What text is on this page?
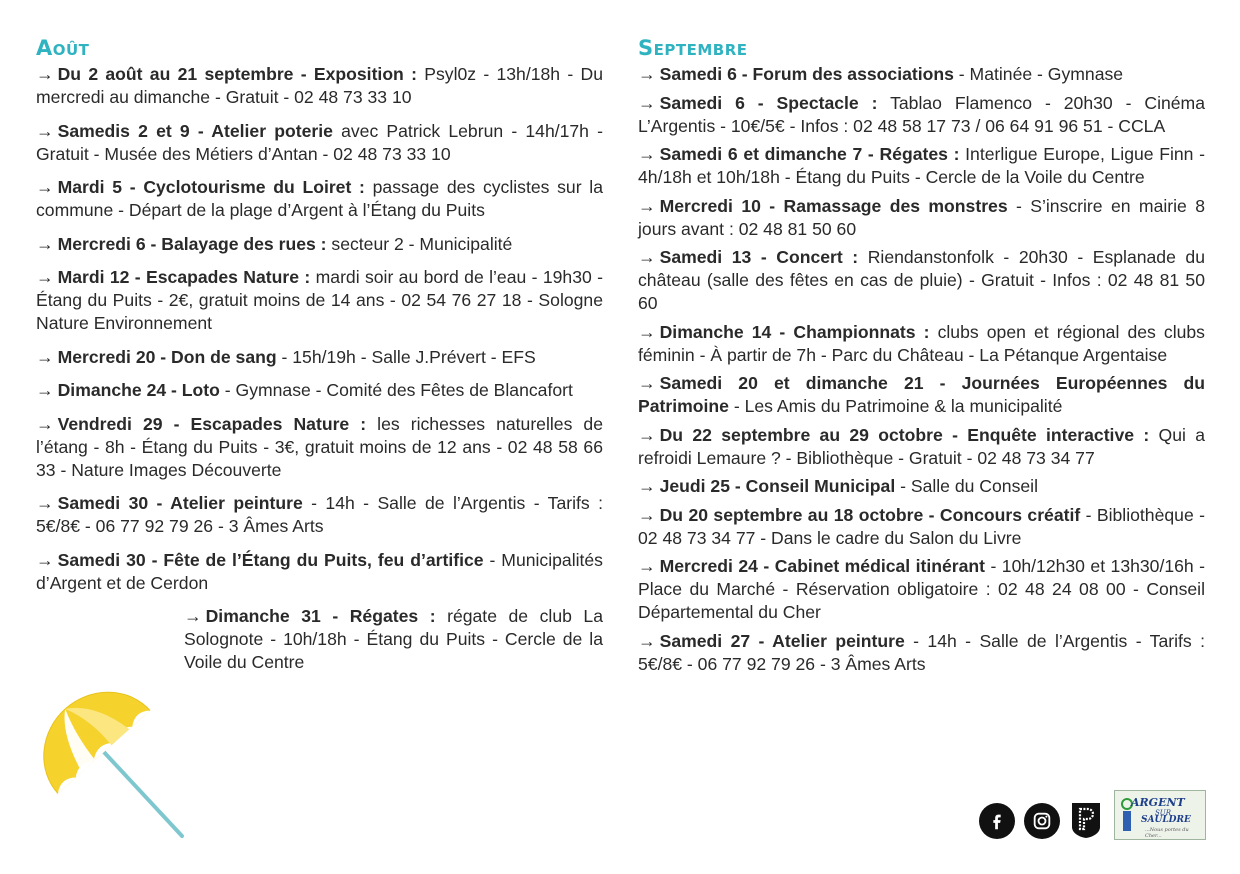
Août

→ Du 2 août au 21 septembre - Exposition : Psyl0z - 13h/18h - Du mercredi au dimanche - Gratuit - 02 48 73 33 10

→ Samedis 2 et 9 - Atelier poterie avec Patrick Lebrun - 14h/17h - Gratuit - Musée des Métiers d’Antan - 02 48 73 33 10

→ Mardi 5 - Cyclotourisme du Loiret : passage des cyclistes sur la commune - Départ de la plage d’Argent à l’Étang du Puits

→ Mercredi 6 - Balayage des rues : secteur 2 - Municipalité

→ Mardi 12 - Escapades Nature : mardi soir au bord de l’eau - 19h30 - Étang du Puits - 2€, gratuit moins de 14 ans - 02 54 76 27 18 - Sologne Nature Environnement

→ Mercredi 20 - Don de sang - 15h/19h - Salle J.Prévert - EFS

→ Dimanche 24 - Loto - Gymnase - Comité des Fêtes de Blancafort

→ Vendredi 29 - Escapades Nature : les richesses naturelles de l’étang - 8h - Étang du Puits - 3€, gratuit moins de 12 ans - 02 48 58 66 33 - Nature Images Découverte

→ Samedi 30 - Atelier peinture - 14h - Salle de l’Argentis - Tarifs : 5€/8€ - 06 77 92 79 26 - 3 Âmes Arts

→ Samedi 30 - Fête de l’Étang du Puits, feu d’artifice - Municipalités d’Argent et de Cerdon

→ Dimanche 31 - Régates : régate de club La Solognote - 10h/18h - Étang du Puits - Cercle de la Voile du Centre

Septembre

→ Samedi 6 - Forum des associations - Matinée - Gymnase

→ Samedi 6 - Spectacle : Tablao Flamenco - 20h30 - Cinéma L’Argentis - 10€/5€ - Infos : 02 48 58 17 73 / 06 64 91 96 51 - CCLA

→ Samedi 6 et dimanche 7 - Régates : Interligue Europe, Ligue Finn - 4h/18h et 10h/18h - Étang du Puits - Cercle de la Voile du Centre

→ Mercredi 10 - Ramassage des monstres - S’inscrire en mairie 8 jours avant : 02 48 81 50 60

→ Samedi 13 - Concert : Riendanstonfolk - 20h30 - Esplanade du château (salle des fêtes en cas de pluie) - Gratuit - Infos : 02 48 81 50 60

→ Dimanche 14 - Championnats : clubs open et régional des clubs féminin - À partir de 7h - Parc du Château - La Pétanque Argentaise

→ Samedi 20 et dimanche 21 - Journées Européennes du Patrimoine - Les Amis du Patrimoine & la municipalité

→ Du 22 septembre au 29 octobre - Enquête interactive : Qui a refroidi Lemaure ? - Bibliothèque - Gratuit - 02 48 73 34 77

→ Jeudi 25 - Conseil Municipal - Salle du Conseil

→ Du 20 septembre au 18 octobre - Concours créatif - Bibliothèque - 02 48 73 34 77 - Dans le cadre du Salon du Livre

→ Mercredi 24 - Cabinet médical itinérant - 10h/12h30 et 13h30/16h - Place du Marché - Réservation obligatoire : 02 48 24 08 00 - Conseil Départemental du Cher

→ Samedi 27 - Atelier peinture - 14h - Salle de l’Argentis - Tarifs : 5€/8€ - 06 77 92 79 26 - 3 Âmes Arts

ARGENT
SUR
SAULDRE
...Nous portes du Cher...
